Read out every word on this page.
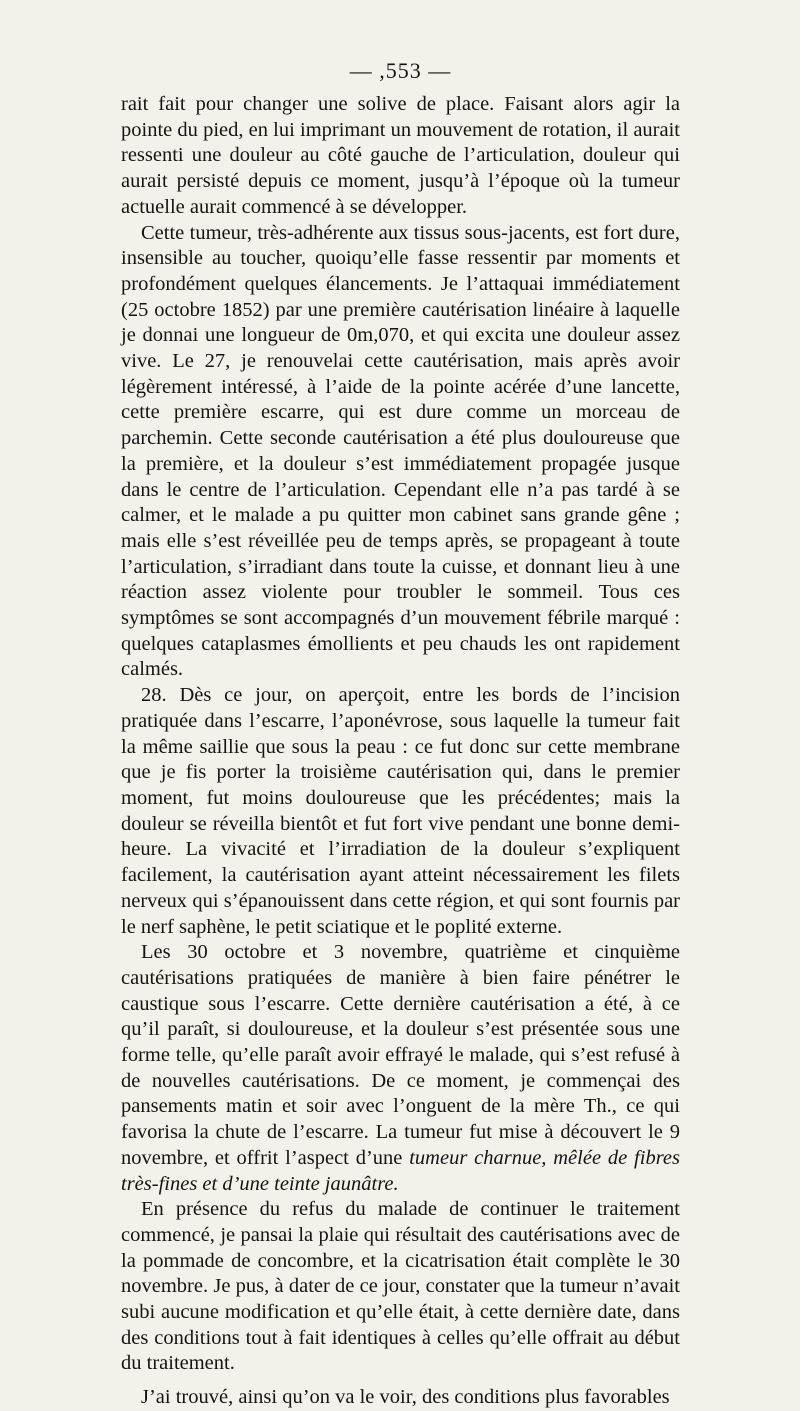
— ,553 —

rait fait pour changer une solive de place. Faisant alors agir la pointe du pied, en lui imprimant un mouvement de rotation, il aurait ressenti une douleur au côté gauche de l’articulation, douleur qui aurait persisté depuis ce moment, jusqu’à l’époque où la tumeur actuelle aurait commencé à se développer.

Cette tumeur, très-adhérente aux tissus sous-jacents, est fort dure, insensible au toucher, quoiqu’elle fasse ressentir par moments et profondément quelques élancements. Je l’attaquai immédiatement (25 octobre 1852) par une première cautérisation linéaire à laquelle je donnai une longueur de 0m,070, et qui excita une douleur assez vive. Le 27, je renouvelai cette cautérisation, mais après avoir légèrement intéressé, à l’aide de la pointe acérée d’une lancette, cette première escarre, qui est dure comme un morceau de parchemin. Cette seconde cautérisation a été plus douloureuse que la première, et la douleur s’est immédiatement propagée jusque dans le centre de l’articulation. Cependant elle n’a pas tardé à se calmer, et le malade a pu quitter mon cabinet sans grande gêne ; mais elle s’est réveillée peu de temps après, se propageant à toute l’articulation, s’irradiant dans toute la cuisse, et donnant lieu à une réaction assez violente pour troubler le sommeil. Tous ces symptômes se sont accompagnés d’un mouvement fébrile marqué : quelques cataplasmes émollients et peu chauds les ont rapidement calmés.

28. Dès ce jour, on aperçoit, entre les bords de l’incision pratiquée dans l’escarre, l’aponévrose, sous laquelle la tumeur fait la même saillie que sous la peau : ce fut donc sur cette membrane que je fis porter la troisième cautérisation qui, dans le premier moment, fut moins douloureuse que les précédentes; mais la douleur se réveilla bientôt et fut fort vive pendant une bonne demi-heure. La vivacité et l’irradiation de la douleur s’expliquent facilement, la cautérisation ayant atteint nécessairement les filets nerveux qui s’épanouissent dans cette région, et qui sont fournis par le nerf saphène, le petit sciatique et le poplité externe.

Les 30 octobre et 3 novembre, quatrième et cinquième cautérisations pratiquées de manière à bien faire pénétrer le caustique sous l’escarre. Cette dernière cautérisation a été, à ce qu’il paraît, si douloureuse, et la douleur s’est présentée sous une forme telle, qu’elle paraît avoir effrayé le malade, qui s’est refusé à de nouvelles cautérisations. De ce moment, je commençai des pansements matin et soir avec l’onguent de la mère Th., ce qui favorisa la chute de l’escarre. La tumeur fut mise à découvert le 9 novembre, et offrit l’aspect d’une tumeur charnue, mêlée de fibres très-fines et d’une teinte jaunâtre.

En présence du refus du malade de continuer le traitement commencé, je pansai la plaie qui résultait des cautérisations avec de la pommade de concombre, et la cicatrisation était complète le 30 novembre. Je pus, à dater de ce jour, constater que la tumeur n’avait subi aucune modification et qu’elle était, à cette dernière date, dans des conditions tout à fait identiques à celles qu’elle offrait au début du traitement.

J’ai trouvé, ainsi qu’on va le voir, des conditions plus favorables
